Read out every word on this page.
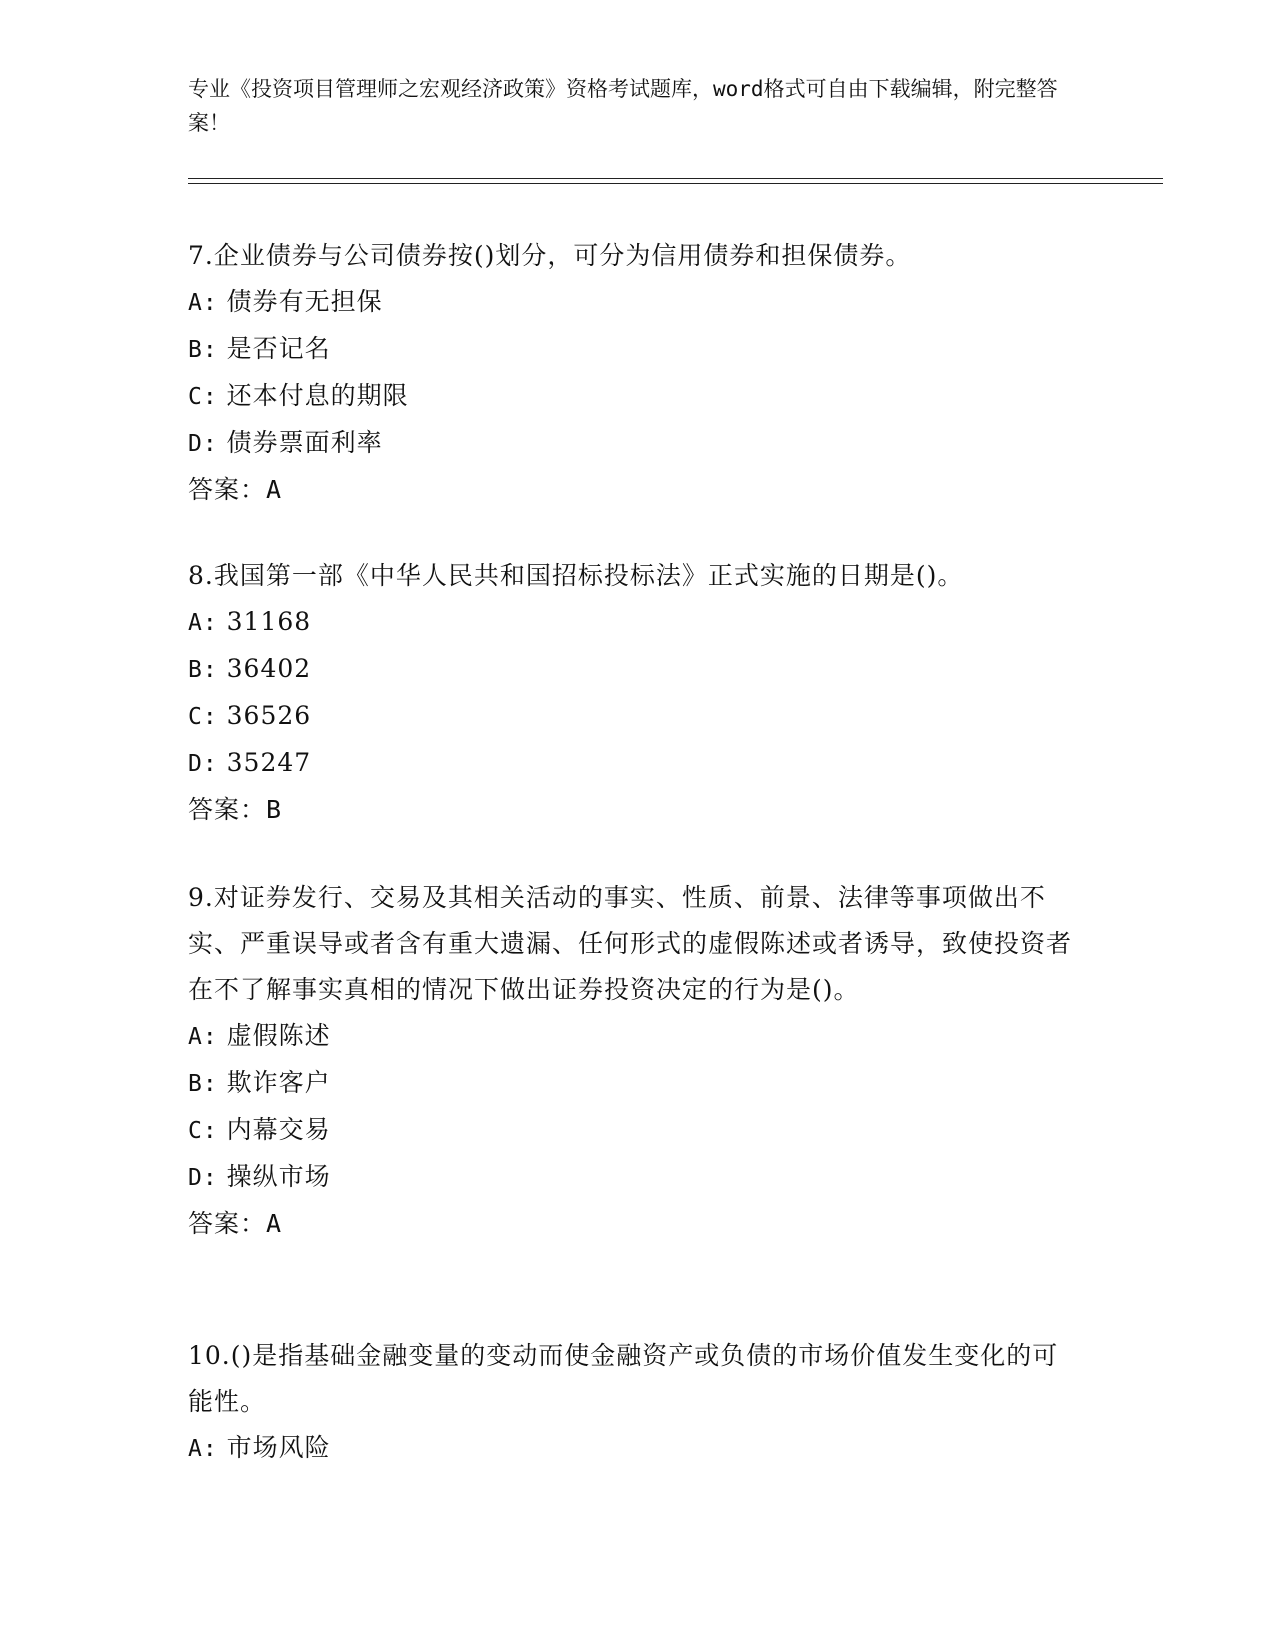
专业《投资项目管理师之宏观经济政策》资格考试题库，word格式可自由下载编辑，附完整答案！
7.企业债券与公司债券按()划分，可分为信用债券和担保债券。
A: 债券有无担保
B: 是否记名
C: 还本付息的期限
D: 债券票面利率
答案：A
8.我国第一部《中华人民共和国招标投标法》正式实施的日期是()。
A: 31168
B: 36402
C: 36526
D: 35247
答案：B
9.对证券发行、交易及其相关活动的事实、性质、前景、法律等事项做出不实、严重误导或者含有重大遗漏、任何形式的虚假陈述或者诱导，致使投资者在不了解事实真相的情况下做出证券投资决定的行为是()。
A: 虚假陈述
B: 欺诈客户
C: 内幕交易
D: 操纵市场
答案：A
10.()是指基础金融变量的变动而使金融资产或负债的市场价值发生变化的可能性。
A: 市场风险
